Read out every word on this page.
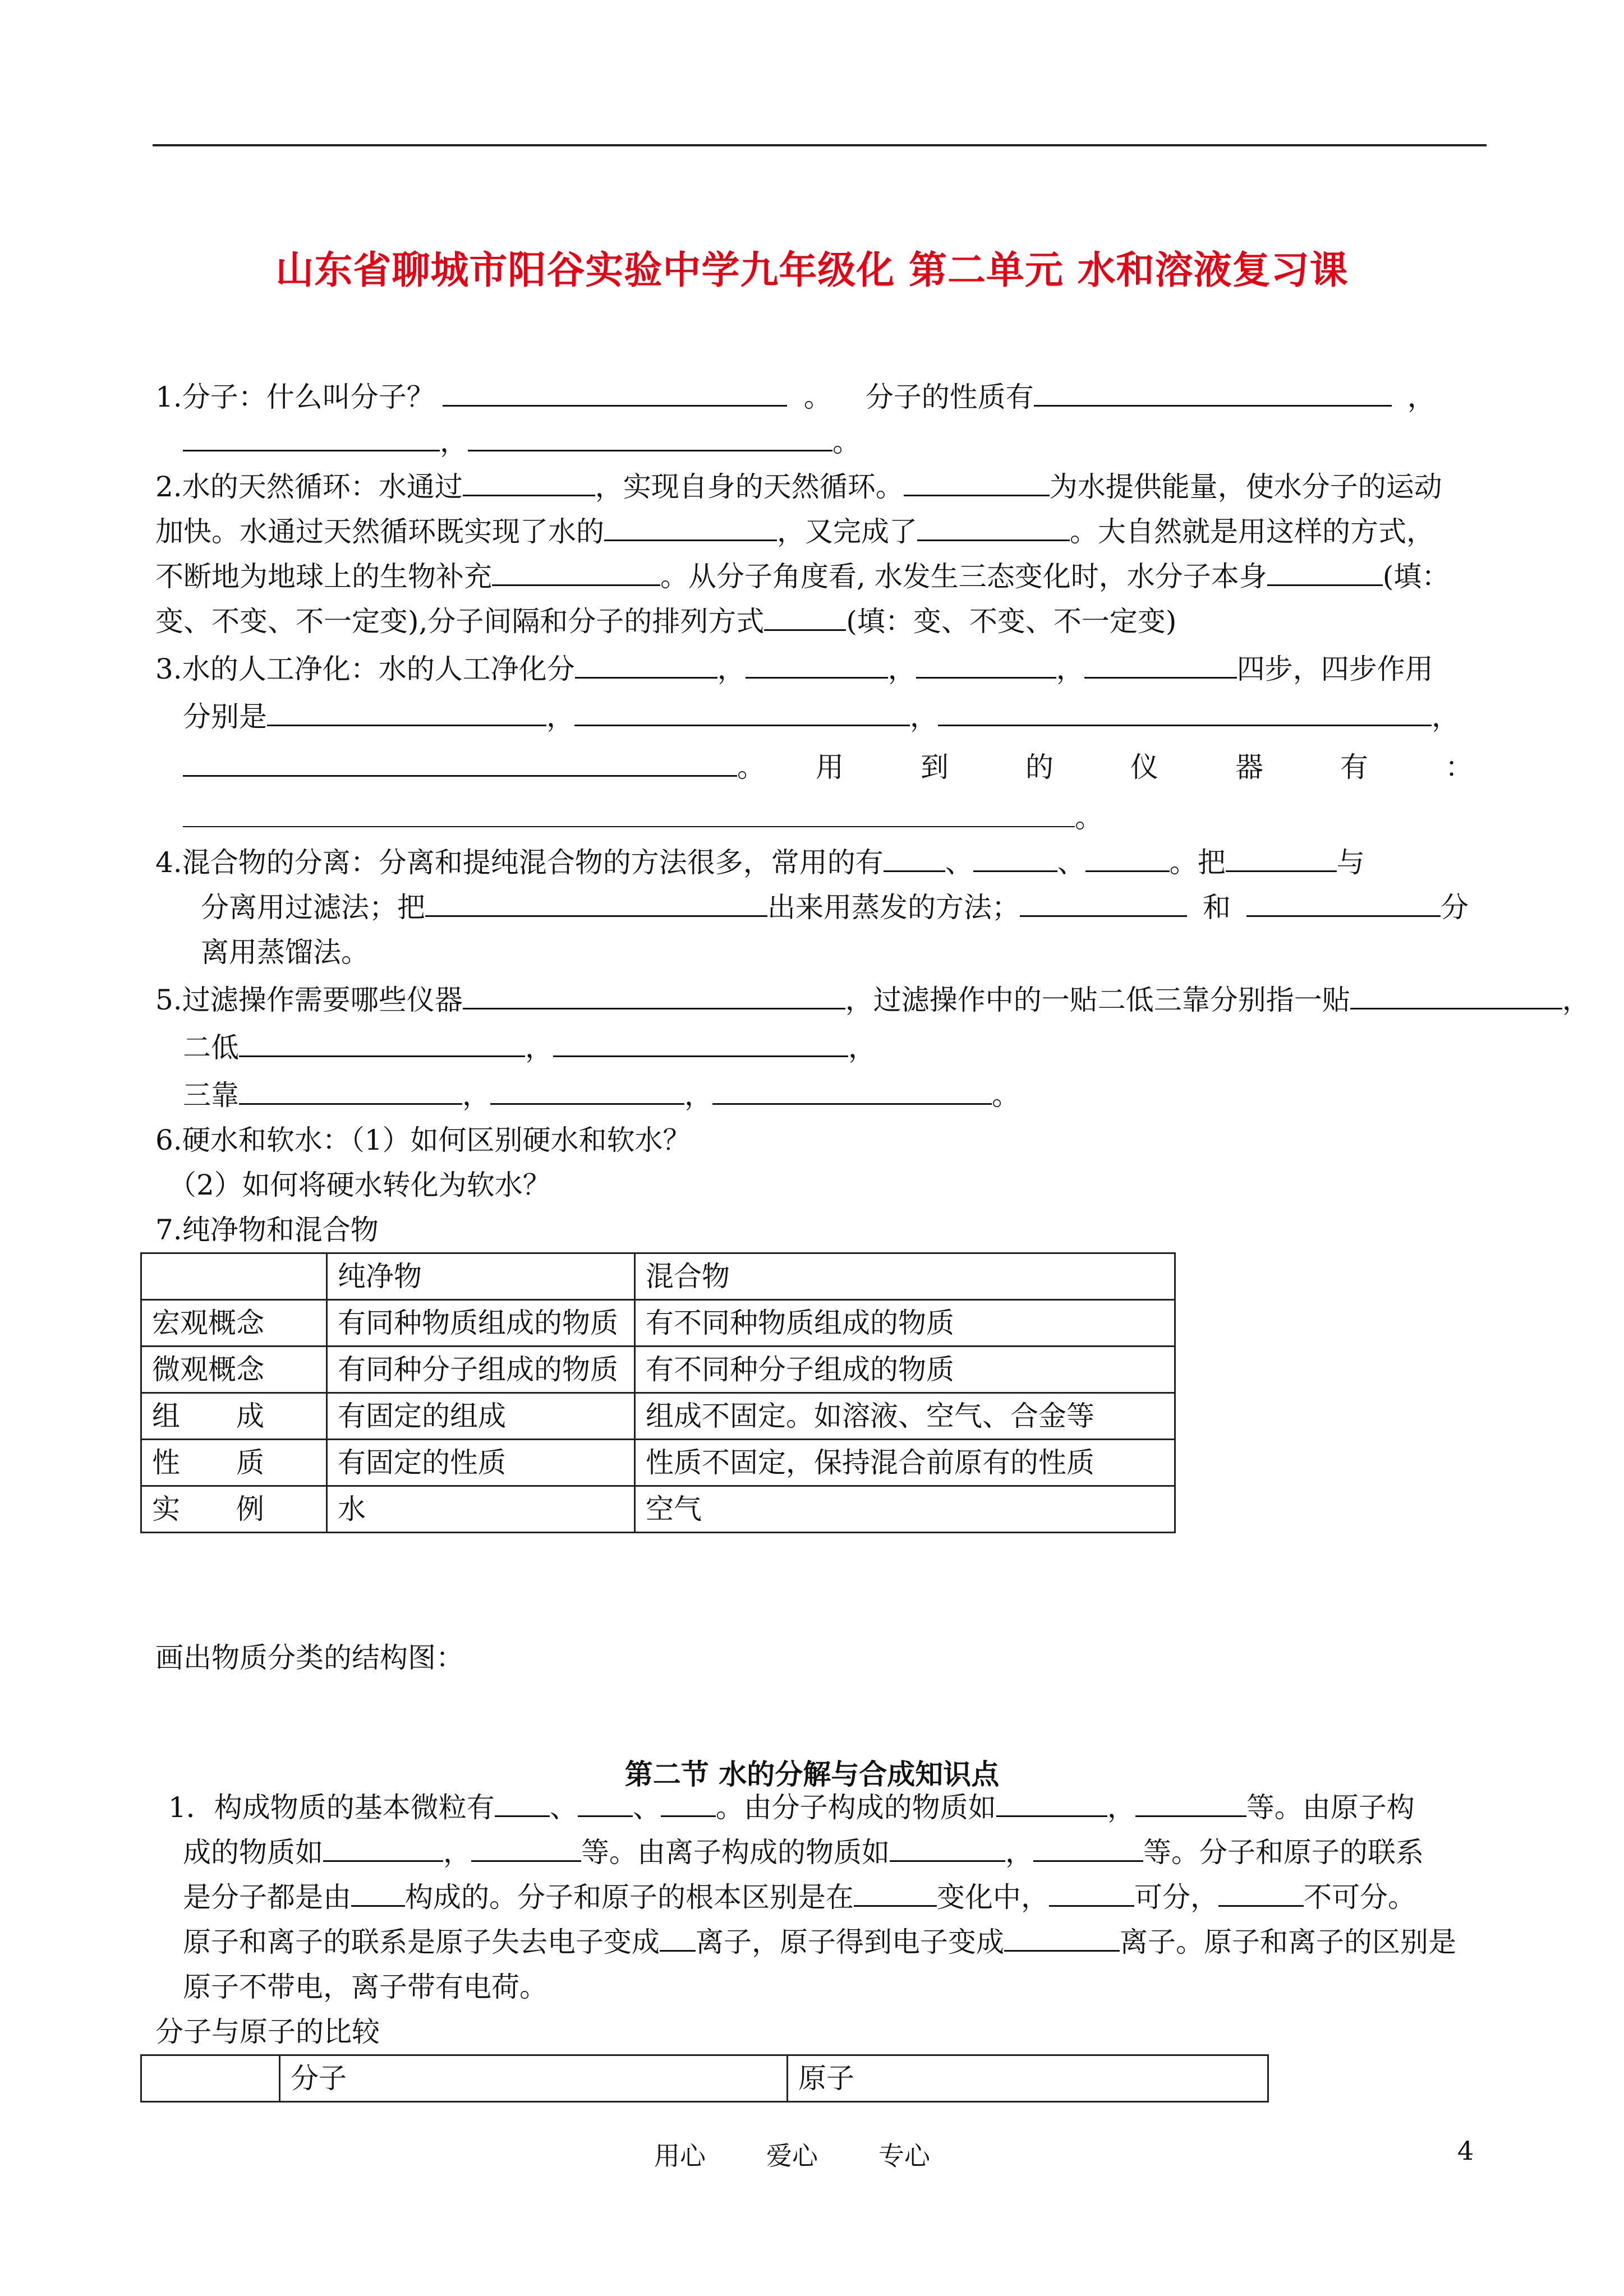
山东省聊城市阳谷实验中学九年级化 第二单元 水和溶液复习课
1.分子：什么叫分子？	。 分子的性质有	，
，	。
2.水的天然循环：水通过	，实现自身的天然循环。	为水提供能量，使水分子的运动
加快。水通过天然循环既实现了水的	，又完成了	。大自然就是用这样的方式，
不断地为地球上的生物补充	。从分子角度看, 水发生三态变化时，水分子本身	(填：
变、不变、不一定变),分子间隔和分子的排列方式	(填：变、不变、不一定变)
3.水的人工净化：水的人工净化分	，	，	，	四步，四步作用
分别是	，	，	，
。 用	到	的	仪	器	有	：
。
4.混合物的分离：分离和提纯混合物的方法很多，常用的有 、	、	。把	与
分离用过滤法；把	出来用蒸发的方法；	和	分
离用蒸馏法。
5.过滤操作需要哪些仪器	，过滤操作中的一贴二低三靠分别指一贴	，
二低	，	，
三靠	，	，	。
6.硬水和软水：（1）如何区别硬水和软水？
（2）如何将硬水转化为软水？
7.纯净物和混合物
	纯净物	混合物
宏观概念	有同种物质组成的物质	有不同种物质组成的物质
微观概念	有同种分子组成的物质	有不同种分子组成的物质
组　　成	有固定的组成	组成不固定。如溶液、空气、合金等
性　　质	有固定的性质	性质不固定，保持混合前原有的性质
实　　例	水	空气
画出物质分类的结构图：
第二节 水的分解与合成知识点
1．构成物质的基本微粒有 、 、 。由分子构成的物质如	，	等。由原子构
成的物质如	，	等。由离子构成的物质如	，	等。分子和原子的联系
是分子都是由 构成的。分子和原子的根本区别是在	变化中，	可分，	不可分。
原子和离子的联系是原子失去电子变成 离子，原子得到电子变成	离子。原子和离子的区别是
原子不带电，离子带有电荷。
分子与原子的比较
	分子	原子
用心 爱心 专心	4
